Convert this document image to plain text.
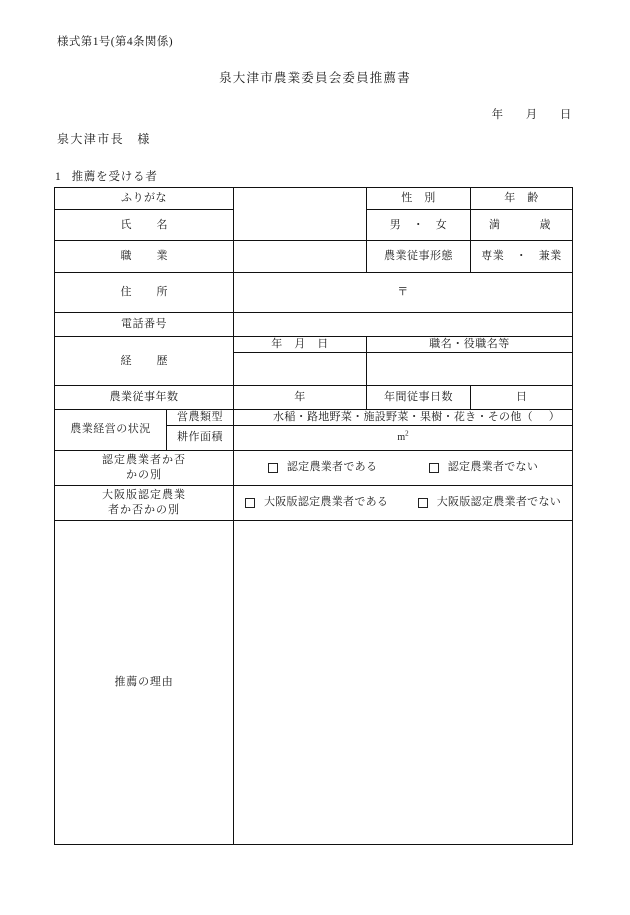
様式第1号(第4条関係)
泉大津市農業委員会委員推薦書
年 月 日
泉大津市長　様
1 推薦を受ける者
ふりがな			性　別	年　齢
氏　名			男　・　女	満 歳
職　業			農業従事形態	専業　・　兼業
住　所		〒		
電話番号				
経　歴		年　月　日	職名・役職名等	

農業従事年数		年	年間従事日数	日
農業経営の状況	営農類型	水稲・路地野菜・施設野菜・果樹・花き・その他（ ）		

	耕作面積	$m^2$
認定農業者か否
かの別		認定農業者である 認定農業者でない		
大阪版認定農業
者か否かの別		大阪版認定農業者である 大阪版認定農業者でない		
推薦の理由				
